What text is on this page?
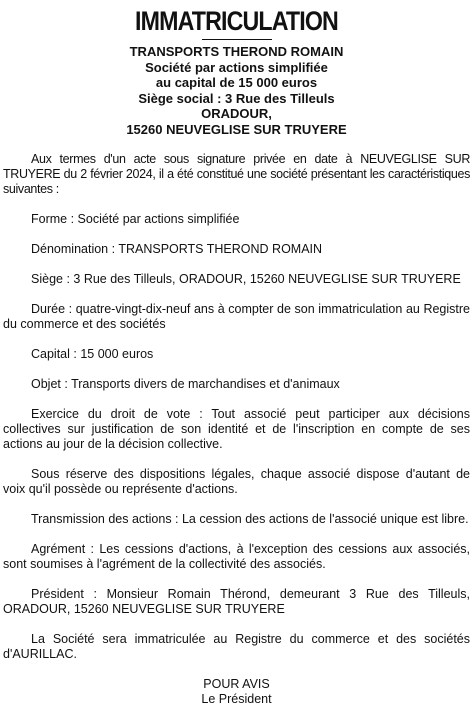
IMMATRICULATION
TRANSPORTS THEROND ROMAIN
Société par actions simplifiée
au capital de 15 000 euros
Siège social : 3 Rue des Tilleuls
ORADOUR,
15260 NEUVEGLISE SUR TRUYERE

Aux termes d'un acte sous signature privée en date à NEUVEGLISE SUR TRUYERE du 2 février 2024, il a été constitué une société présentant les caractéristiques suivantes :

Forme : Société par actions simplifiée

Dénomination : TRANSPORTS THEROND ROMAIN

Siège : 3 Rue des Tilleuls, ORADOUR, 15260 NEUVEGLISE SUR TRUYERE

Durée : quatre-vingt-dix-neuf ans à compter de son immatriculation au Registre du commerce et des sociétés

Capital : 15 000 euros

Objet : Transports divers de marchandises et d'animaux

Exercice du droit de vote : Tout associé peut participer aux décisions collectives sur justification de son identité et de l'inscription en compte de ses actions au jour de la décision collective.

Sous réserve des dispositions légales, chaque associé dispose d'autant de voix qu'il possède ou représente d'actions.

Transmission des actions : La cession des actions de l'associé unique est libre.

Agrément : Les cessions d'actions, à l'exception des cessions aux associés, sont soumises à l'agrément de la collectivité des associés.

Président : Monsieur Romain Thérond, demeurant 3 Rue des Tilleuls, ORADOUR, 15260 NEUVEGLISE SUR TRUYERE

La Société sera immatriculée au Registre du commerce et des sociétés d'AURILLAC.

POUR AVIS
Le Président
